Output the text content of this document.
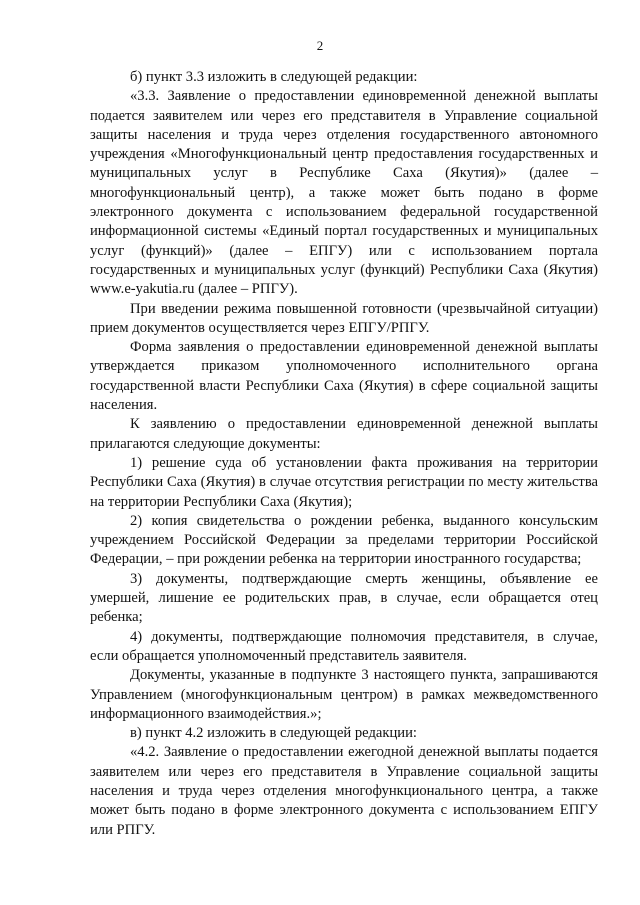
2

б) пункт 3.3 изложить в следующей редакции:

«3.3. Заявление о предоставлении единовременной денежной выплаты подается заявителем или через его представителя в Управление социальной защиты населения и труда через отделения государственного автономного учреждения «Многофункциональный центр предоставления государственных и муниципальных услуг в Республике Саха (Якутия)» (далее – многофункциональный центр), а также может быть подано в форме электронного документа с использованием федеральной государственной информационной системы «Единый портал государственных и муниципальных услуг (функций)» (далее – ЕПГУ) или с использованием портала государственных и муниципальных услуг (функций) Республики Саха (Якутия) www.e-yakutia.ru (далее – РПГУ).

При введении режима повышенной готовности (чрезвычайной ситуации) прием документов осуществляется через ЕПГУ/РПГУ.

Форма заявления о предоставлении единовременной денежной выплаты утверждается приказом уполномоченного исполнительного органа государственной власти Республики Саха (Якутия) в сфере социальной защиты населения.

К заявлению о предоставлении единовременной денежной выплаты прилагаются следующие документы:

1) решение суда об установлении факта проживания на территории Республики Саха (Якутия) в случае отсутствия регистрации по месту жительства на территории Республики Саха (Якутия);

2) копия свидетельства о рождении ребенка, выданного консульским учреждением Российской Федерации за пределами территории Российской Федерации, – при рождении ребенка на территории иностранного государства;

3) документы, подтверждающие смерть женщины, объявление ее умершей, лишение ее родительских прав, в случае, если обращается отец ребенка;

4) документы, подтверждающие полномочия представителя, в случае, если обращается уполномоченный представитель заявителя.

Документы, указанные в подпункте 3 настоящего пункта, запрашиваются Управлением (многофункциональным центром) в рамках межведомственного информационного взаимодействия.»;

в) пункт 4.2 изложить в следующей редакции:

«4.2. Заявление о предоставлении ежегодной денежной выплаты подается заявителем или через его представителя в Управление социальной защиты населения и труда через отделения многофункционального центра, а также может быть подано в форме электронного документа с использованием ЕПГУ или РПГУ.
